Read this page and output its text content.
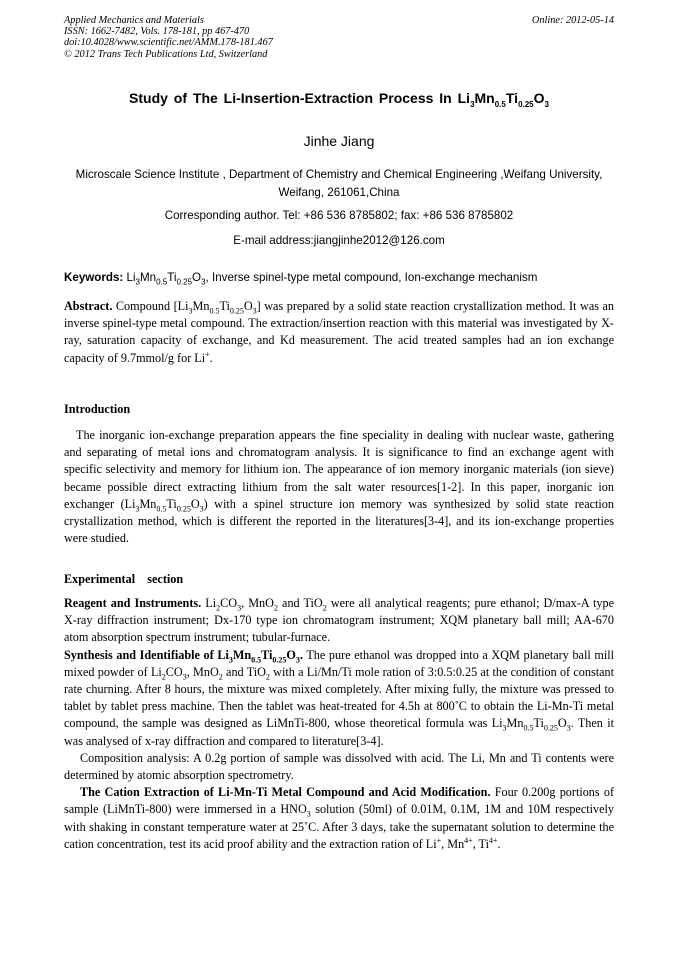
Applied Mechanics and Materials
ISSN: 1662-7482, Vols. 178-181, pp 467-470
doi:10.4028/www.scientific.net/AMM.178-181.467
© 2012 Trans Tech Publications Ltd, Switzerland
Online: 2012-05-14
Study of The Li-Insertion-Extraction Process In $Li_3Mn_{0.5}Ti_{0.25}O_3$
Jinhe Jiang
Microscale Science Institute , Department of Chemistry and Chemical Engineering ,Weifang University, Weifang, 261061,China
Corresponding author. Tel: +86 536 8785802; fax: +86 536 8785802
E-mail address:jiangjinhe2012@126.com
Keywords: $Li_3Mn_{0.5}Ti_{0.25}O_3$, Inverse spinel-type metal compound, Ion-exchange mechanism

Abstract. Compound $[Li_3Mn_{0.5}Ti_{0.25}O_3]$ was prepared by a solid state reaction crystallization method. It was an inverse spinel-type metal compound. The extraction/insertion reaction with this material was investigated by X-ray, saturation capacity of exchange, and Kd measurement. The acid treated samples had an ion exchange capacity of 9.7mmol/g for Li+.

Introduction

The inorganic ion-exchange preparation appears the fine speciality in dealing with nuclear waste, gathering and separating of metal ions and chromatogram analysis. It is significance to find an exchange agent with specific selectivity and memory for lithium ion. The appearance of ion memory inorganic materials (ion sieve) became possible direct extracting lithium from the salt water resources[1-2]. In this paper, inorganic ion exchanger $(Li_3Mn_{0.5}Ti_{0.25}O_3)$ with a spinel structure ion memory was synthesized by solid state reaction crystallization method, which is different the reported in the literatures[3-4], and its ion-exchange properties were studied.

Experimental    section

Reagent and Instruments. $Li_2CO_3$, MnO$_2$ and TiO$_2$ were all analytical reagents; pure ethanol; D/max-A type X-ray diffraction instrument; Dx-170 type ion chromatogram instrument; XQM planetary ball mill; AA-670 atom absorption spectrum instrument; tubular-furnace.

Synthesis and Identifiable of $Li_3Mn_{0.5}Ti_{0.25}O_3$. The pure ethanol was dropped into a XQM planetary ball mill mixed powder of $Li_2CO_3$, MnO$_2$ and TiO$_2$ with a Li/Mn/Ti mole ration of 3:0.5:0.25 at the condition of constant rate churning. After 8 hours, the mixture was mixed completely. After mixing fully, the mixture was pressed to tablet by tablet press machine. Then the tablet was heat-treated for 4.5h at 800˚C to obtain the Li-Mn-Ti metal compound, the sample was designed as LiMnTi-800, whose theoretical formula was $Li_3Mn_{0.5}Ti_{0.25}O_3$. Then it was analysed of x-ray diffraction and compared to literature[3-4].

Composition analysis: A 0.2g portion of sample was dissolved with acid. The Li, Mn and Ti contents were determined by atomic absorption spectrometry.

The Cation Extraction of Li-Mn-Ti Metal Compound and Acid Modification. Four 0.200g portions of sample (LiMnTi-800) were immersed in a $HNO_3$ solution (50ml) of 0.01M, 0.1M, 1M and 10M respectively with shaking in constant temperature water at 25˚C. After 3 days, take the supernatant solution to determine the cation concentration, test its acid proof ability and the extraction ration of Li+, $Mn^{4+}$, $Ti^{4+}$.
